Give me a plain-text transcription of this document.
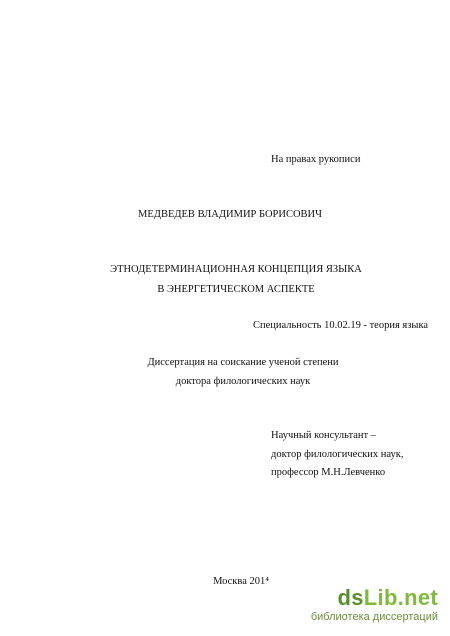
На правах рукописи
МЕДВЕДЕВ ВЛАДИМИР БОРИСОВИЧ
ЭТНОДЕТЕРМИНАЦИОННАЯ КОНЦЕПЦИЯ ЯЗЫКА
В ЭНЕРГЕТИЧЕСКОМ АСПЕКТЕ
Специальность 10.02.19 - теория языка
Диссертация на соискание ученой степени
доктора филологических наук
Научный консультант –
доктор филологических наук,
профессор М.Н.Левченко
Москва 201⁴
dsLib.net
библиотека диссертаций
